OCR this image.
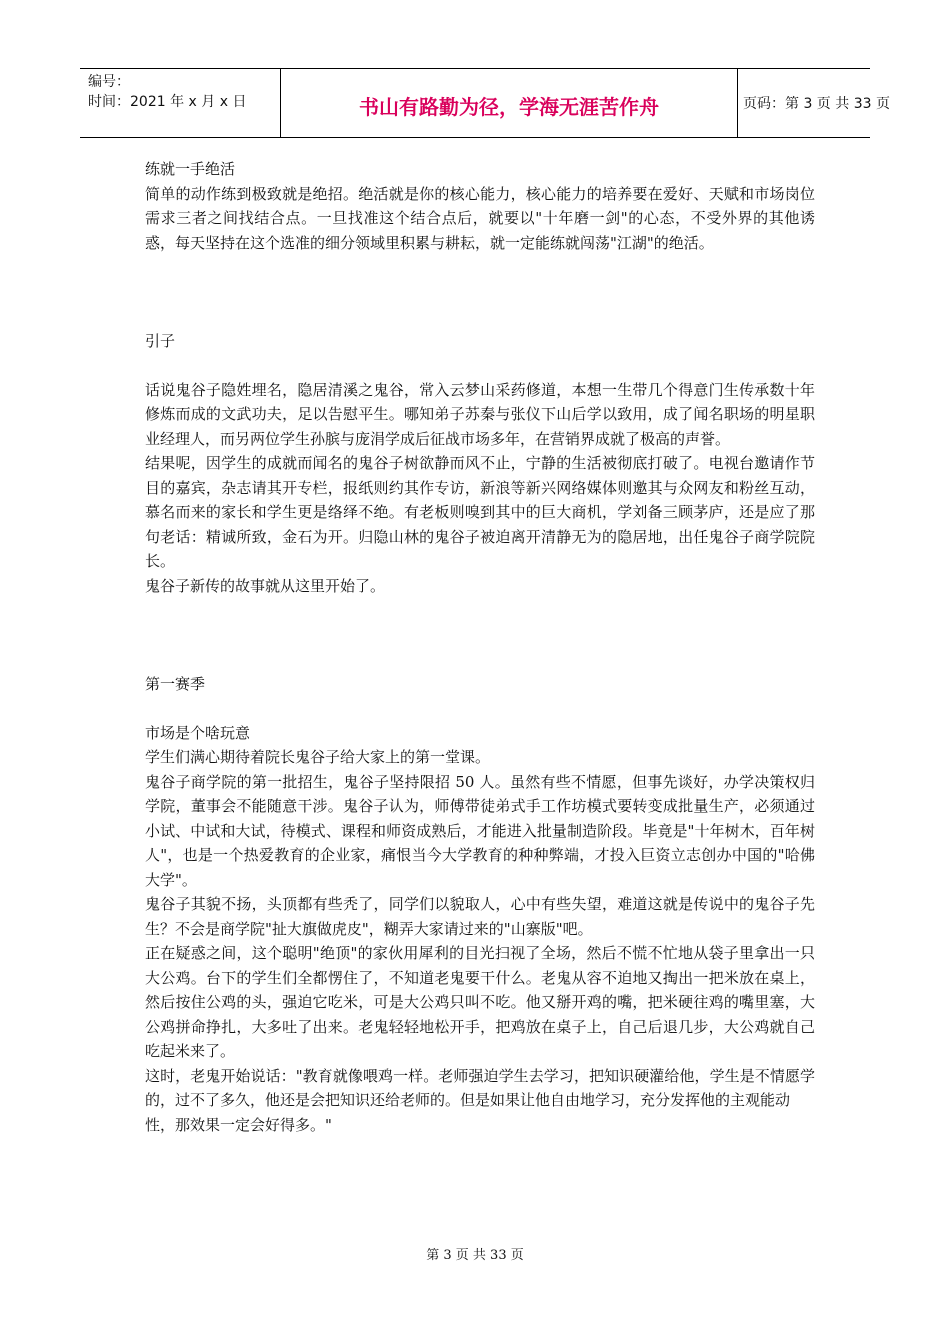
编号：
时间：2021 年 x 月 x 日	书山有路勤为径，学海无涯苦作舟	页码：第 3 页 共 33 页

练就一手绝活

简单的动作练到极致就是绝招。绝活就是你的核心能力，核心能力的培养要在爱好、天赋和市场岗位需求三者之间找结合点。一旦找准这个结合点后，就要以"十年磨一剑"的心态，不受外界的其他诱惑，每天坚持在这个选准的细分领域里积累与耕耘，就一定能练就闯荡"江湖"的绝活。

引子

话说鬼谷子隐姓埋名，隐居清溪之鬼谷，常入云梦山采药修道，本想一生带几个得意门生传承数十年修炼而成的文武功夫，足以告慰平生。哪知弟子苏秦与张仪下山后学以致用，成了闻名职场的明星职业经理人，而另两位学生孙膑与庞涓学成后征战市场多年，在营销界成就了极高的声誉。

结果呢，因学生的成就而闻名的鬼谷子树欲静而风不止，宁静的生活被彻底打破了。电视台邀请作节目的嘉宾，杂志请其开专栏，报纸则约其作专访，新浪等新兴网络媒体则邀其与众网友和粉丝互动，慕名而来的家长和学生更是络绎不绝。有老板则嗅到其中的巨大商机，学刘备三顾茅庐，还是应了那句老话：精诚所致，金石为开。归隐山林的鬼谷子被迫离开清静无为的隐居地，出任鬼谷子商学院院长。

鬼谷子新传的故事就从这里开始了。

第一赛季

市场是个啥玩意

学生们满心期待着院长鬼谷子给大家上的第一堂课。

鬼谷子商学院的第一批招生，鬼谷子坚持限招 50 人。虽然有些不情愿，但事先谈好，办学决策权归学院，董事会不能随意干涉。鬼谷子认为，师傅带徒弟式手工作坊模式要转变成批量生产，必须通过小试、中试和大试，待模式、课程和师资成熟后，才能进入批量制造阶段。毕竟是"十年树木，百年树人"，也是一个热爱教育的企业家，痛恨当今大学教育的种种弊端，才投入巨资立志创办中国的"哈佛大学"。

鬼谷子其貌不扬，头顶都有些秃了，同学们以貌取人，心中有些失望，难道这就是传说中的鬼谷子先生？不会是商学院"扯大旗做虎皮"，糊弄大家请过来的"山寨版"吧。

正在疑惑之间，这个聪明"绝顶"的家伙用犀利的目光扫视了全场，然后不慌不忙地从袋子里拿出一只大公鸡。台下的学生们全都愣住了，不知道老鬼要干什么。老鬼从容不迫地又掏出一把米放在桌上，然后按住公鸡的头，强迫它吃米，可是大公鸡只叫不吃。他又掰开鸡的嘴，把米硬往鸡的嘴里塞，大公鸡拼命挣扎，大多吐了出来。老鬼轻轻地松开手，把鸡放在桌子上，自己后退几步，大公鸡就自己吃起米来了。

这时，老鬼开始说话："教育就像喂鸡一样。老师强迫学生去学习，把知识硬灌给他，学生是不情愿学的，过不了多久，他还是会把知识还给老师的。但是如果让他自由地学习，充分发挥他的主观能动

性，那效果一定会好得多。"

第 3 页 共 33 页
